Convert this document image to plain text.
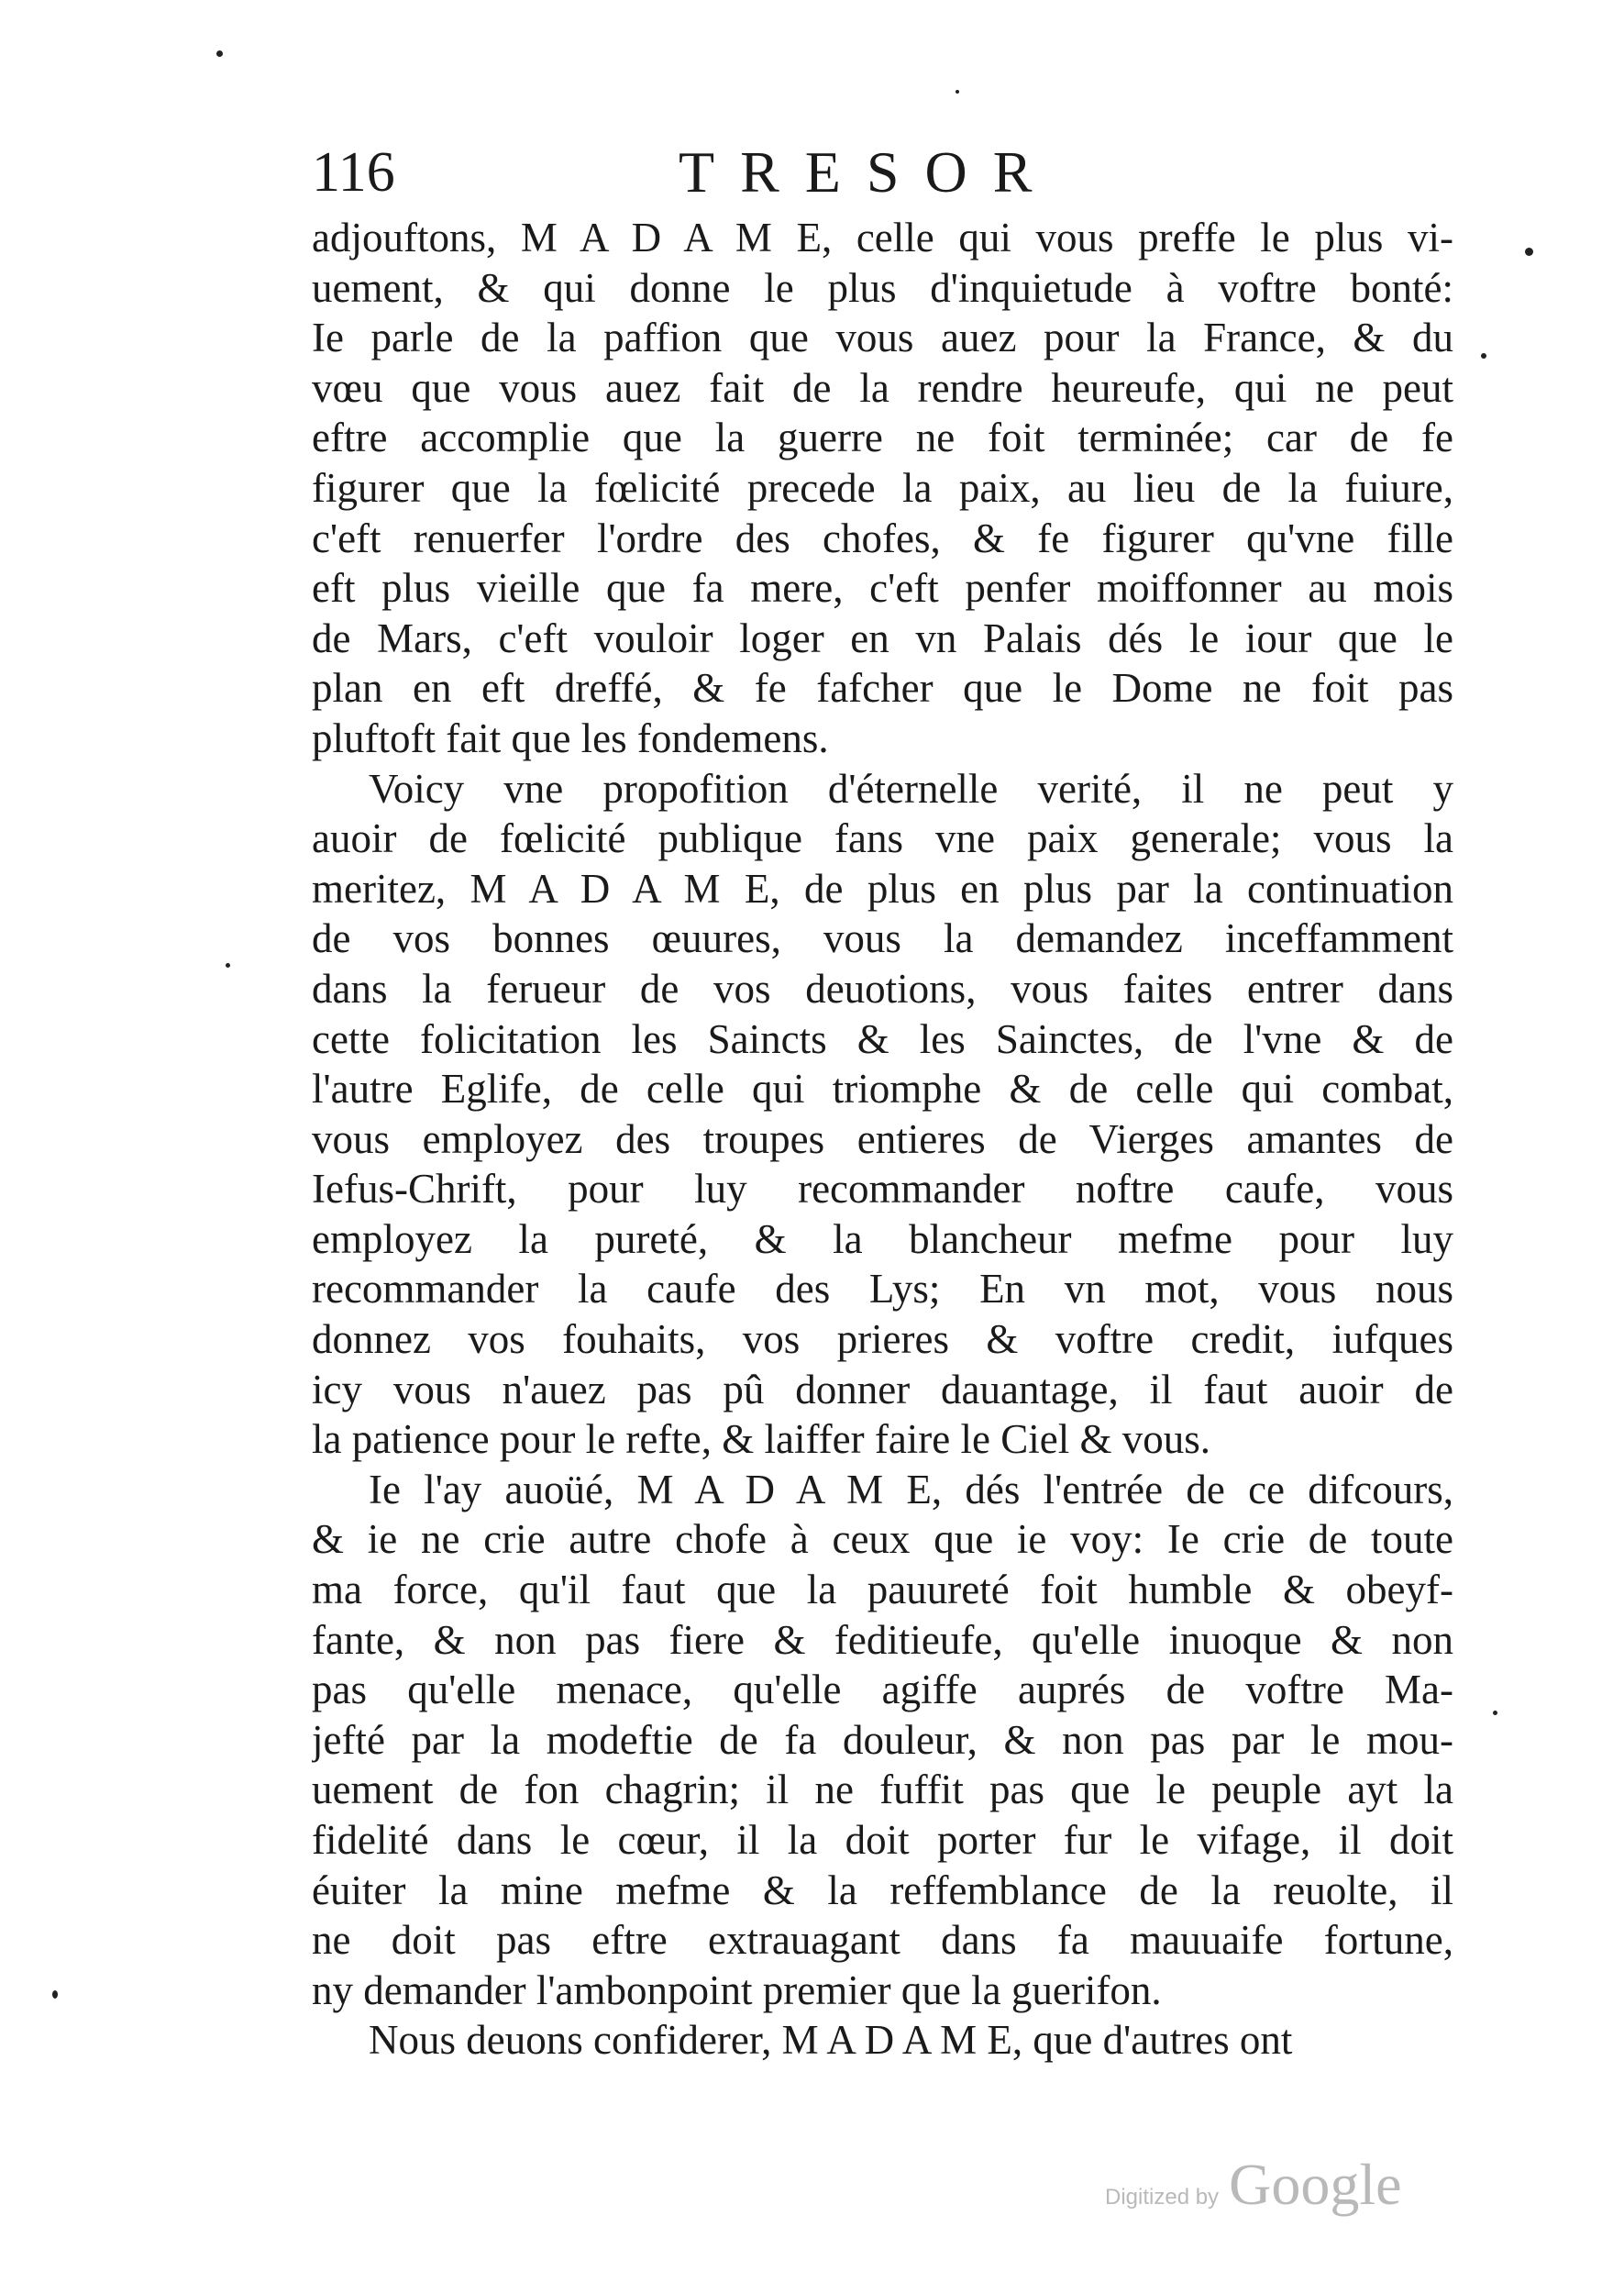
116	TRESOR
adjouftons, M A D A M E, celle qui vous preffe le plus vi-
uement, & qui donne le plus d'inquietude à voftre bonté:
Ie parle de la paffion que vous auez pour la France, & du
vœu que vous auez fait de la rendre heureufe, qui ne peut
eftre accomplie que la guerre ne foit terminée; car de fe
figurer que la fœlicité precede la paix, au lieu de la fuiure,
c'eft renuerfer l'ordre des chofes, & fe figurer qu'vne fille
eft plus vieille que fa mere, c'eft penfer moiffonner au mois
de Mars, c'eft vouloir loger en vn Palais dés le iour que le
plan en eft dreffé, & fe fafcher que le Dome ne foit pas
pluftoft fait que les fondemens.
Voicy vne propofition d'éternelle verité, il ne peut y
auoir de fœlicité publique fans vne paix generale; vous la
meritez, M A D A M E, de plus en plus par la continuation
de vos bonnes œuures, vous la demandez inceffamment
dans la ferueur de vos deuotions, vous faites entrer dans
cette folicitation les Saincts & les Sainctes, de l'vne & de
l'autre Eglife, de celle qui triomphe & de celle qui combat,
vous employez des troupes entieres de Vierges amantes de
Iefus-Chrift, pour luy recommander noftre caufe, vous
employez la pureté, & la blancheur mefme pour luy
recommander la caufe des Lys; En vn mot, vous nous
donnez vos fouhaits, vos prieres & voftre credit, iufques
icy vous n'auez pas pû donner dauantage, il faut auoir de
la patience pour le refte, & laiffer faire le Ciel & vous.
Ie l'ay auoüé, M A D A M E, dés l'entrée de ce difcours,
& ie ne crie autre chofe à ceux que ie voy: Ie crie de toute
ma force, qu'il faut que la pauureté foit humble & obeyf-
fante, & non pas fiere & feditieufe, qu'elle inuoque & non
pas qu'elle menace, qu'elle agiffe auprés de voftre Ma-
jefté par la modeftie de fa douleur, & non pas par le mou-
uement de fon chagrin; il ne fuffit pas que le peuple ayt la
fidelité dans le cœur, il la doit porter fur le vifage, il doit
éuiter la mine mefme & la reffemblance de la reuolte, il
ne doit pas eftre extrauagant dans fa mauuaife fortune,
ny demander l'ambonpoint premier que la guerifon.
Nous deuons confiderer, M A D A M E, que d'autres ont
Digitized by Google
